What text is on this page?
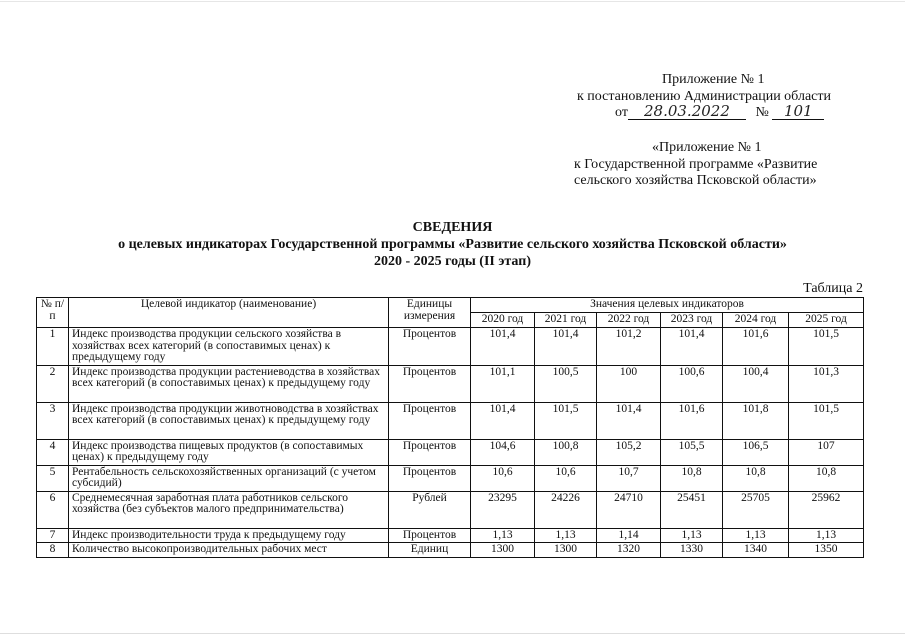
Приложение № 1
к постановлению Администрации области
от 28.03.2022 № 101
«Приложение № 1
к Государственной программе «Развитие
сельского хозяйства Псковской области»
СВЕДЕНИЯ
о целевых индикаторах Государственной программы «Развитие сельского хозяйства Псковской области»
2020 - 2025 годы (II этап)
Таблица 2
№ п/п	Целевой индикатор (наименование)	Единицы измерения	Значения целевых индикаторов					
			2020 год	2021 год	2022 год	2023 год	2024 год	2025 год
1	Индекс производства продукции сельского хозяйства в хозяйствах всех категорий (в сопоставимых ценах) к предыдущему году	Процентов	101,4	101,4	101,2	101,4	101,6	101,5
2	Индекс производства продукции растениеводства в хозяйствах всех категорий (в сопоставимых ценах) к предыдущему году	Процентов	101,1	100,5	100	100,6	100,4	101,3
3	Индекс производства продукции животноводства в хозяйствах всех категорий (в сопоставимых ценах) к предыдущему году	Процентов	101,4	101,5	101,4	101,6	101,8	101,5
4	Индекс производства пищевых продуктов (в сопоставимых ценах) к предыдущему году	Процентов	104,6	100,8	105,2	105,5	106,5	107
5	Рентабельность сельскохозяйственных организаций (с учетом субсидий)	Процентов	10,6	10,6	10,7	10,8	10,8	10,8
6	Среднемесячная заработная плата работников сельского хозяйства (без субъектов малого предпринимательства)	Рублей	23295	24226	24710	25451	25705	25962
7	Индекс производительности труда к предыдущему году	Процентов	1,13	1,13	1,14	1,13	1,13	1,13
8	Количество высокопроизводительных рабочих мест	Единиц	1300	1300	1320	1330	1340	1350
